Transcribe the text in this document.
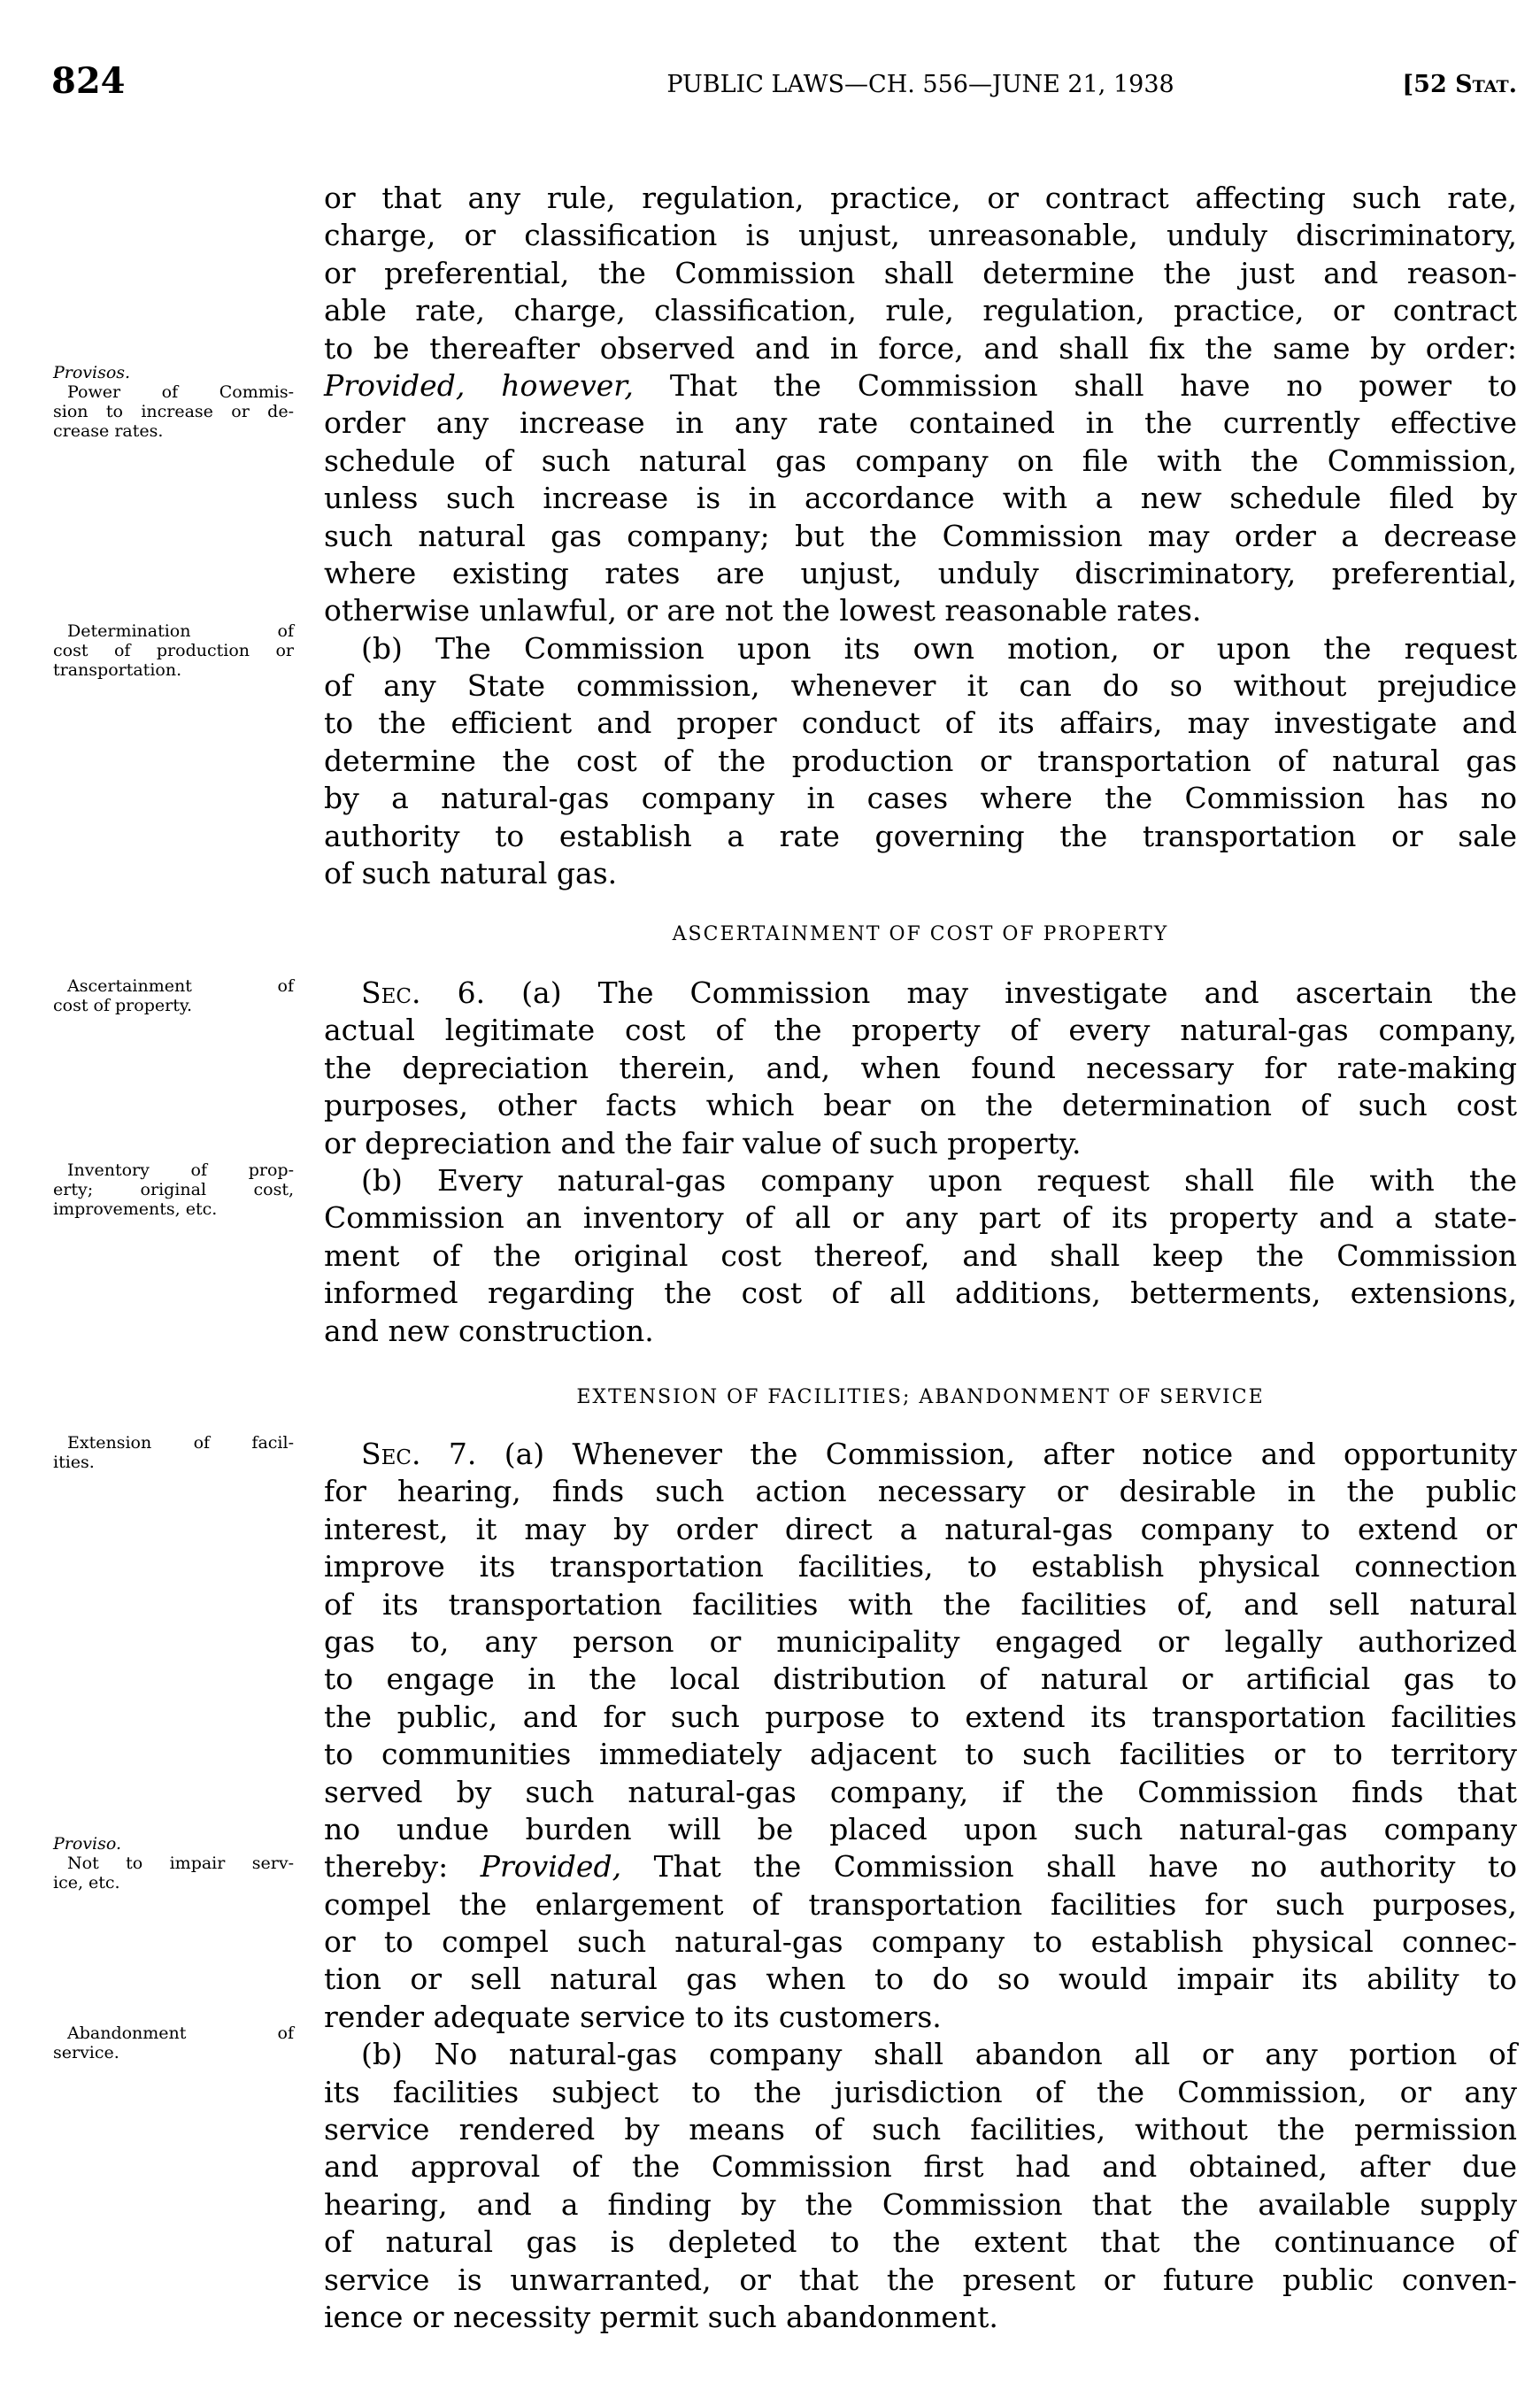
824	PUBLIC LAWS—CH. 556—JUNE 21, 1938	[52 Stat.
or that any rule, regulation, practice, or contract affecting such rate,
charge, or classification is unjust, unreasonable, unduly discriminatory,
or preferential, the Commission shall determine the just and reason-
able rate, charge, classification, rule, regulation, practice, or contract
to be thereafter observed and in force, and shall fix the same by order:
Provided, however, That the Commission shall have no power to
order any increase in any rate contained in the currently effective
schedule of such natural gas company on file with the Commission,
unless such increase is in accordance with a new schedule filed by
such natural gas company; but the Commission may order a decrease
where existing rates are unjust, unduly discriminatory, preferential,
otherwise unlawful, or are not the lowest reasonable rates.
(b) The Commission upon its own motion, or upon the request
of any State commission, whenever it can do so without prejudice
to the efficient and proper conduct of its affairs, may investigate and
determine the cost of the production or transportation of natural gas
by a natural-gas company in cases where the Commission has no
authority to establish a rate governing the transportation or sale
of such natural gas.
ASCERTAINMENT OF COST OF PROPERTY
Sec. 6. (a) The Commission may investigate and ascertain the
actual legitimate cost of the property of every natural-gas company,
the depreciation therein, and, when found necessary for rate-making
purposes, other facts which bear on the determination of such cost
or depreciation and the fair value of such property.
(b) Every natural-gas company upon request shall file with the
Commission an inventory of all or any part of its property and a state-
ment of the original cost thereof, and shall keep the Commission
informed regarding the cost of all additions, betterments, extensions,
and new construction.
EXTENSION OF FACILITIES; ABANDONMENT OF SERVICE
Sec. 7. (a) Whenever the Commission, after notice and opportunity
for hearing, finds such action necessary or desirable in the public
interest, it may by order direct a natural-gas company to extend or
improve its transportation facilities, to establish physical connection
of its transportation facilities with the facilities of, and sell natural
gas to, any person or municipality engaged or legally authorized
to engage in the local distribution of natural or artificial gas to
the public, and for such purpose to extend its transportation facilities
to communities immediately adjacent to such facilities or to territory
served by such natural-gas company, if the Commission finds that
no undue burden will be placed upon such natural-gas company
thereby: Provided, That the Commission shall have no authority to
compel the enlargement of transportation facilities for such purposes,
or to compel such natural-gas company to establish physical connec-
tion or sell natural gas when to do so would impair its ability to
render adequate service to its customers.
(b) No natural-gas company shall abandon all or any portion of
its facilities subject to the jurisdiction of the Commission, or any
service rendered by means of such facilities, without the permission
and approval of the Commission first had and obtained, after due
hearing, and a finding by the Commission that the available supply
of natural gas is depleted to the extent that the continuance of
service is unwarranted, or that the present or future public conven-
ience or necessity permit such abandonment.
Provisos.
Power of Commis-
sion to increase or de-
crease rates.
Determination of
cost of production or
transportation.
Ascertainment of
cost of property.
Inventory of prop-
erty; original cost,
improvements, etc.
Extension of facil-
ities.
Proviso.
Not to impair serv-
ice, etc.
Abandonment of
service.
